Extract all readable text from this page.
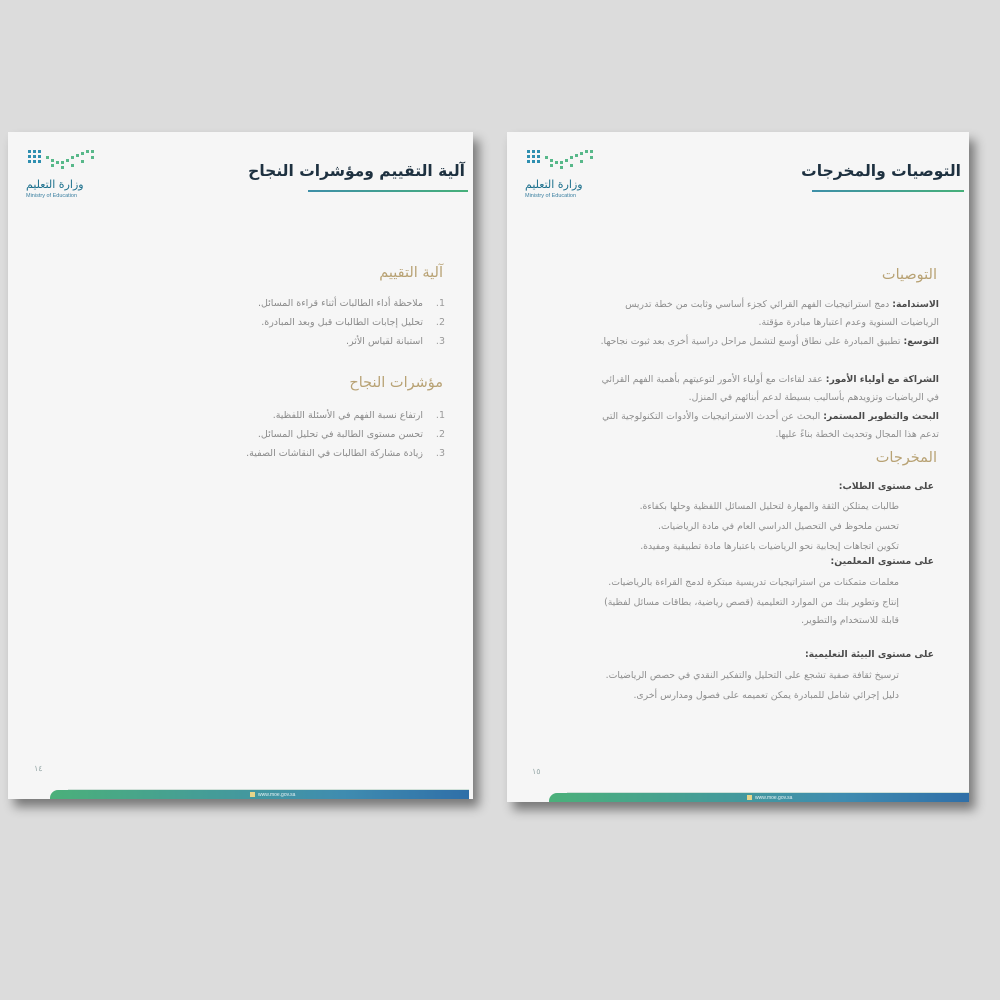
وزارة التعليم
Ministry of Education
آلية التقييم ومؤشرات النجاح
آلية التقييم
1.
ملاحظة أداء الطالبات أثناء قراءة المسائل.
2.
تحليل إجابات الطالبات قبل وبعد المبادرة.
3.
استبانة لقياس الأثر.
مؤشرات النجاح
1.
ارتفاع نسبة الفهم في الأسئلة اللفظية.
2.
تحسن مستوى الطالبة في تحليل المسائل.
3.
زيادة مشاركة الطالبات في النقاشات الصفية.
١٤
www.moe.gov.sa
وزارة التعليم
Ministry of Education
التوصيات والمخرجات
التوصيات
الاستدامة: دمج استراتيجيات الفهم القرائي كجزء أساسي وثابت من خطة تدريس الرياضيات السنوية وعدم اعتبارها مبادرة مؤقتة.
التوسع: تطبيق المبادرة على نطاق أوسع لتشمل مراحل دراسية أخرى بعد ثبوت نجاحها.
الشراكة مع أولياء الأمور: عقد لقاءات مع أولياء الأمور لتوعيتهم بأهمية الفهم القرائي في الرياضيات وتزويدهم بأساليب بسيطة لدعم أبنائهم في المنزل.
البحث والتطوير المستمر: البحث عن أحدث الاستراتيجيات والأدوات التكنولوجية التي تدعم هذا المجال وتحديث الخطة بناءً عليها.
المخرجات
على مستوى الطلاب:
طالبات يمتلكن الثقة والمهارة لتحليل المسائل اللفظية وحلها بكفاءة.
تحسن ملحوظ في التحصيل الدراسي العام في مادة الرياضيات.
تكوين اتجاهات إيجابية نحو الرياضيات باعتبارها مادة تطبيقية ومفيدة.
على مستوى المعلمين:
معلمات متمكنات من استراتيجيات تدريسية مبتكرة لدمج القراءة بالرياضيات.
إنتاج وتطوير بنك من الموارد التعليمية (قصص رياضية، بطاقات مسائل لفظية) قابلة للاستخدام والتطوير.
على مستوى البيئة التعليمية:
ترسيخ ثقافة صفية تشجع على التحليل والتفكير النقدي في حصص الرياضيات.
دليل إجرائي شامل للمبادرة يمكن تعميمه على فصول ومدارس أخرى.
١٥
www.moe.gov.sa
